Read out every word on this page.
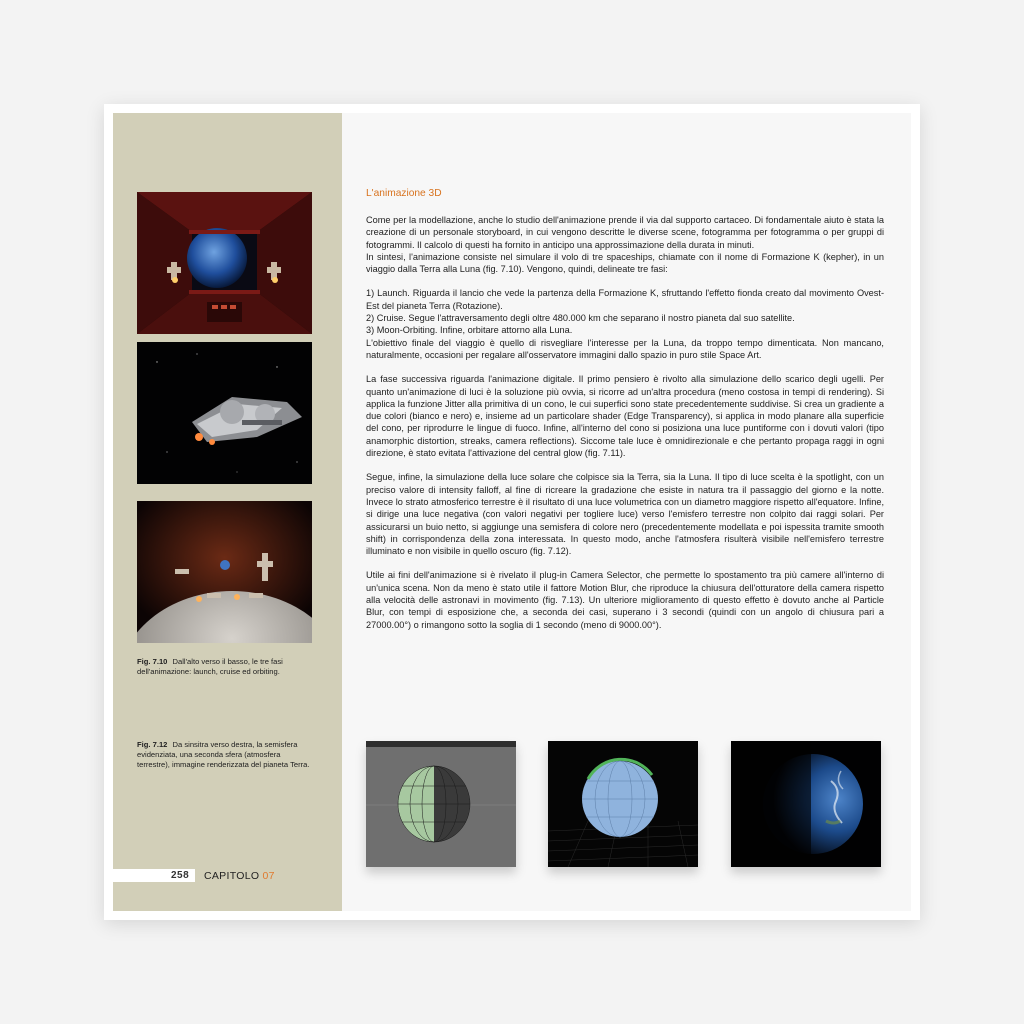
Fig. 7.10 Dall'alto verso il basso, le tre fasi dell'animazione: launch, cruise ed orbiting.
Fig. 7.12 Da sinsitra verso destra, la semisfera evidenziata, una seconda sfera (atmosfera terrestre), immagine renderizzata del pianeta Terra.
258 CAPITOLO 07
L'animazione 3D

Come per la modellazione, anche lo studio dell'animazione prende il via dal supporto cartaceo. Di fondamentale aiuto è stata la creazione di un personale storyboard, in cui vengono descritte le diverse scene, fotogramma per fotogramma o per gruppi di fotogrammi. Il calcolo di questi ha fornito in anticipo una approssimazione della durata in minuti.
In sintesi, l'animazione consiste nel simulare il volo di tre spaceships, chiamate con il nome di Formazione K (kepher), in un viaggio dalla Terra alla Luna (fig. 7.10). Vengono, quindi, delineate tre fasi:

1) Launch. Riguarda il lancio che vede la partenza della Formazione K, sfruttando l'effetto fionda creato dal movimento Ovest-Est del pianeta Terra (Rotazione).
2) Cruise. Segue l'attraversamento degli oltre 480.000 km che separano il nostro pianeta dal suo satellite.
3) Moon-Orbiting. Infine, orbitare attorno alla Luna.
L'obiettivo finale del viaggio è quello di risvegliare l'interesse per la Luna, da troppo tempo dimenticata. Non mancano, naturalmente, occasioni per regalare all'osservatore immagini dallo spazio in puro stile Space Art.

La fase successiva riguarda l'animazione digitale. Il primo pensiero è rivolto alla simulazione dello scarico degli ugelli. Per quanto un'animazione di luci è la soluzione più ovvia, si ricorre ad un'altra procedura (meno costosa in tempi di rendering). Si applica la funzione Jitter alla primitiva di un cono, le cui superfici sono state precedentemente suddivise. Si crea un gradiente a due colori (bianco e nero) e, insieme ad un particolare shader (Edge Transparency), si applica in modo planare alla superficie del cono, per riprodurre le lingue di fuoco. Infine, all'interno del cono si posiziona una luce puntiforme con i dovuti valori (tipo anamorphic distortion, streaks, camera reflections). Siccome tale luce è omnidirezionale e che pertanto propaga raggi in ogni direzione, è stato evitata l'attivazione del central glow (fig. 7.11).

Segue, infine, la simulazione della luce solare che colpisce sia la Terra, sia la Luna. Il tipo di luce scelta è la spotlight, con un preciso valore di intensity falloff, al fine di ricreare la gradazione che esiste in natura tra il passaggio del giorno e la notte. Invece lo strato atmosferico terrestre è il risultato di una luce volumetrica con un diametro maggiore rispetto all'equatore. Infine, si dirige una luce negativa (con valori negativi per togliere luce) verso l'emisfero terrestre non colpito dai raggi solari. Per assicurarsi un buio netto, si aggiunge una semisfera di colore nero (precedentemente modellata e poi ispessita tramite smooth shift) in corrispondenza della zona interessata. In questo modo, anche l'atmosfera risulterà visibile nell'emisfero terrestre illuminato e non visibile in quello oscuro (fig. 7.12).

Utile ai fini dell'animazione si è rivelato il plug-in Camera Selector, che permette lo spostamento tra più camere all'interno di un'unica scena. Non da meno è stato utile il fattore Motion Blur, che riproduce la chiusura dell'otturatore della camera rispetto alla velocità delle astronavi in movimento (fig. 7.13). Un ulteriore miglioramento di questo effetto è dovuto anche al Particle Blur, con tempi di esposizione che, a seconda dei casi, superano i 3 secondi (quindi con un angolo di chiusura pari a 27000.00°) o rimangono sotto la soglia di 1 secondo (meno di 9000.00°).
